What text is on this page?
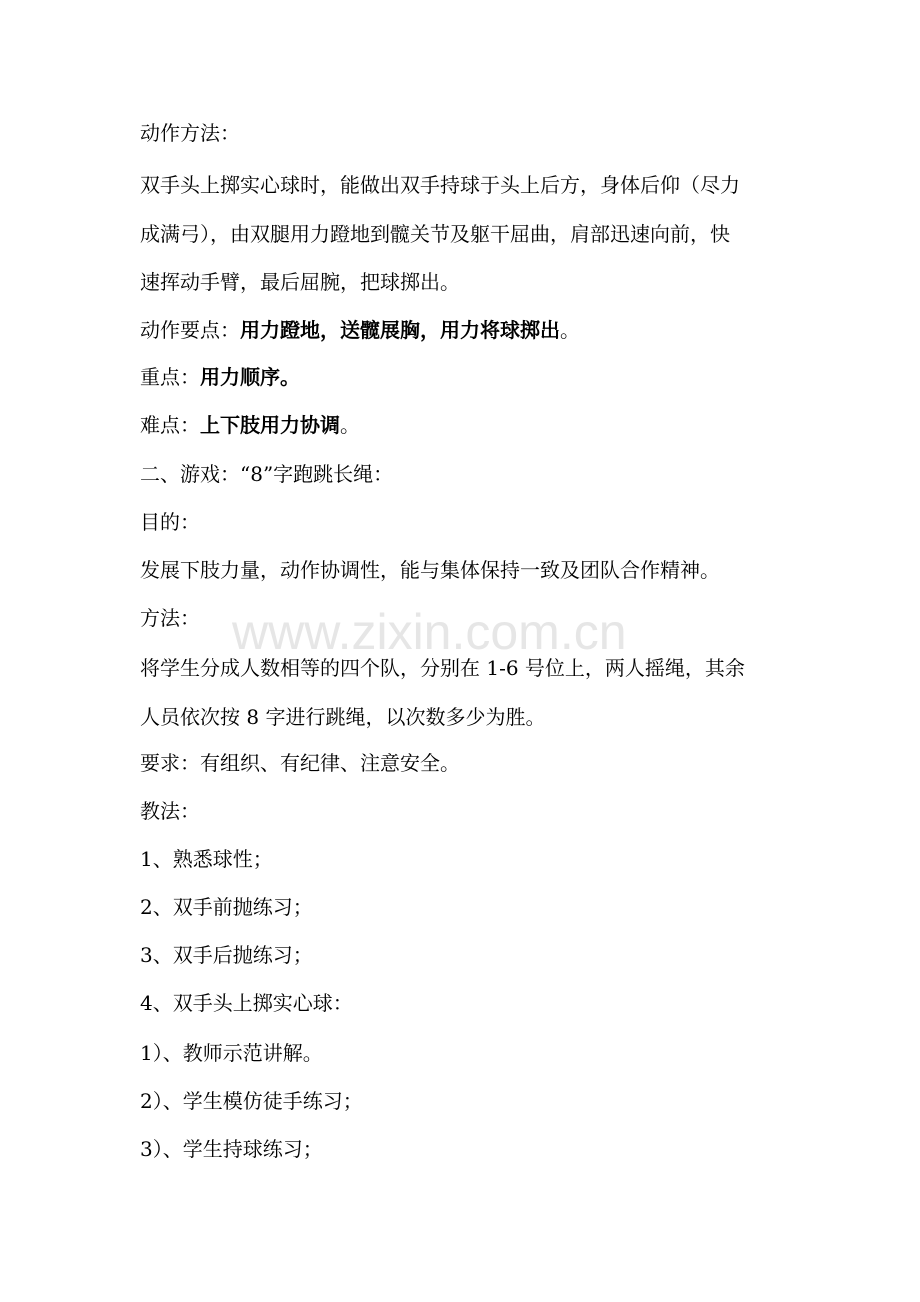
www.zixin.com.cn
动作方法：
双手头上掷实心球时，能做出双手持球于头上后方，身体后仰（尽力
成满弓），由双腿用力蹬地到髋关节及躯干屈曲，肩部迅速向前，快
速挥动手臂，最后屈腕，把球掷出。
动作要点：用力蹬地，送髋展胸，用力将球掷出。
重点：用力顺序。
难点：上下肢用力协调。
二、游戏：“8”字跑跳长绳：
目的：
发展下肢力量，动作协调性，能与集体保持一致及团队合作精神。
方法：
将学生分成人数相等的四个队，分别在 1-6 号位上，两人摇绳，其余
人员依次按 8 字进行跳绳，以次数多少为胜。
要求：有组织、有纪律、注意安全。
教法：
1、熟悉球性；
2、双手前抛练习；
3、双手后抛练习；
4、双手头上掷实心球：
1）、教师示范讲解。
2）、学生模仿徒手练习；
3）、学生持球练习；
